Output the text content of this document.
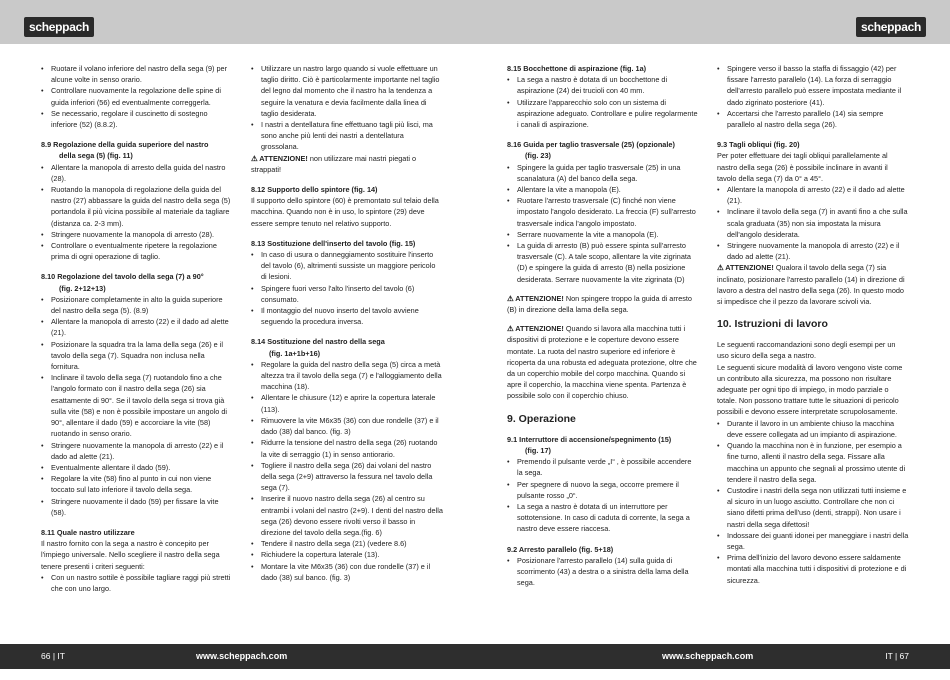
scheppach	scheppach
• Ruotare il volano inferiore del nastro della sega (9) per alcune volte in senso orario.
• Controllare nuovamente la regolazione delle spine di guida inferiori (56) ed eventualmente correggerla.
• Se necessario, regolare il cuscinetto di sostegno inferiore (52) (8.8.2).

8.9 Regolazione della guida superiore del nastro

della sega (5) (fig. 11)

• Allentare la manopola di arresto della guida del nastro (28).
• Ruotando la manopola di regolazione della guida del nastro (27) abbassare la guida del nastro della sega (5) portandola il più vicina possibile al materiale da tagliare (distanza ca. 2-3 mm).
• Stringere nuovamente la manopola di arresto (28).
• Controllare o eventualmente ripetere la regolazione prima di ogni operazione di taglio.

8.10 Regolazione del tavolo della sega (7) a 90°

(fig. 2+12+13)

• Posizionare completamente in alto la guida superiore del nastro della sega (5). (8.9)
• Allentare la manopola di arresto (22) e il dado ad alette (21).
• Posizionare la squadra tra la lama della sega (26) e il tavolo della sega (7). Squadra non inclusa nella fornitura.
• Inclinare il tavolo della sega (7) ruotandolo fino a che l'angolo formato con il nastro della sega (26) sia esattamente di 90°. Se il tavolo della sega si trova già sulla vite (58) e non è possibile impostare un angolo di 90°, allentare il dado (59) e accorciare la vite (58) ruotando in senso orario.
• Stringere nuovamente la manopola di arresto (22) e il dado ad alette (21).
• Eventualmente allentare il dado (59).
• Regolare la vite (58) fino al punto in cui non viene toccato sul lato inferiore il tavolo della sega.
• Stringere nuovamente il dado (59) per fissare la vite (58).

8.11 Quale nastro utilizzare

Il nastro fornito con la sega a nastro è concepito per l'impiego universale. Nello scegliere il nastro della sega tenere presenti i criteri seguenti:

• Con un nastro sottile è possibile tagliare raggi più stretti che con uno largo.
• Utilizzare un nastro largo quando si vuole effettuare un taglio diritto. Ciò è particolarmente importante nel taglio del legno dal momento che il nastro ha la tendenza a seguire la venatura e devia facilmente dalla linea di taglio desiderata.
• I nastri a dentellatura fine effettuano tagli più lisci, ma sono anche più lenti dei nastri a dentellatura grossolana.

⚠ ATTENZIONE! non utilizzare mai nastri piegati o strappati!

8.12 Supporto dello spintore (fig. 14)

Il supporto dello spintore (60) è premontato sul telaio della macchina. Quando non è in uso, lo spintore (29) deve essere sempre tenuto nel relativo supporto.

8.13 Sostituzione dell'inserto del tavolo (fig. 15)

• In caso di usura o danneggiamento sostituire l'inserto del tavolo (6), altrimenti sussiste un maggiore pericolo di lesioni.
• Spingere fuori verso l'alto l'inserto del tavolo (6) consumato.
• Il montaggio del nuovo inserto del tavolo avviene seguendo la procedura inversa.

8.14 Sostituzione del nastro della sega

(fig. 1a+1b+16)

• Regolare la guida del nastro della sega (5) circa a metà altezza tra il tavolo della sega (7) e l'alloggiamento della macchina (18).
• Allentare le chiusure (12) e aprire la copertura laterale (113).
• Rimuovere la vite M6x35 (36) con due rondelle (37) e il dado (38) dal banco. (fig. 3)
• Ridurre la tensione del nastro della sega (26) ruotando la vite di serraggio (1) in senso antiorario.
• Togliere il nastro della sega (26) dai volani del nastro della sega (2+9) attraverso la fessura nel tavolo della sega (7).
• Inserire il nuovo nastro della sega (26) al centro su entrambi i volani del nastro (2+9). I denti del nastro della sega (26) devono essere rivolti verso il basso in direzione del tavolo della sega.(fig. 6)
• Tendere il nastro della sega (21) (vedere 8.6)
• Richiudere la copertura laterale (13).
• Montare la vite M6x35 (36) con due rondelle (37) e il dado (38) sul banco. (fig. 3)

8.15 Bocchettone di aspirazione (fig. 1a)

• La sega a nastro è dotata di un bocchettone di aspirazione (24) dei trucioli con 40 mm.
• Utilizzare l'apparecchio solo con un sistema di aspirazione adeguato. Controllare e pulire regolarmente i canali di aspirazione.

8.16 Guida per taglio trasversale (25) (opzionale)

(fig. 23)

• Spingere la guida per taglio trasversale (25) in una scanalatura (A) del banco della sega.
• Allentare la vite a manopola (E).
• Ruotare l'arresto trasversale (C) finché non viene impostato l'angolo desiderato. La freccia (F) sull'arresto trasversale indica l'angolo impostato.
• Serrare nuovamente la vite a manopola (E).
• La guida di arresto (B) può essere spinta sull'arresto trasversale (C). A tale scopo, allentare la vite zigrinata (D) e spingere la guida di arresto (B) nella posizione desiderata. Serrare nuovamente la vite zigrinata (D)

⚠ ATTENZIONE! Non spingere troppo la guida di arresto (B) in direzione della lama della sega.

⚠ ATTENZIONE! Quando si lavora alla macchina tutti i dispositivi di protezione e le coperture devono essere montate. La ruota del nastro superiore ed inferiore è ricoperta da una robusta ed adeguata protezione, oltre che da un coperchio mobile del corpo macchina. Quando si apre il coperchio, la macchina viene spenta. Partenza è possibile solo con il coperchio chiuso.

9. Operazione

9.1 Interruttore di accensione/spegnimento (15)

(fig. 17)

• Premendo il pulsante verde „I“ , è possibile accendere la sega.
• Per spegnere di nuovo la sega, occorre premere il pulsante rosso „0“.
• La sega a nastro è dotata di un interruttore per sottotensione. In caso di caduta di corrente, la sega a nastro deve essere riaccesa.

9.2 Arresto parallelo (fig. 5+18)

• Posizionare l'arresto parallelo (14) sulla guida di scorrimento (43) a destra o a sinistra della lama della sega.
• Spingere verso il basso la staffa di fissaggio (42) per fissare l'arresto parallelo (14). La forza di serraggio dell'arresto parallelo può essere impostata mediante il dado zigrinato posteriore (41).
• Accertarsi che l'arresto parallelo (14) sia sempre parallelo al nastro della sega (26).

9.3 Tagli obliqui (fig. 20)

Per poter effettuare dei tagli obliqui parallelamente al nastro della sega (26) è possibile inclinare in avanti il tavolo della sega (7) da 0° a 45°.

• Allentare la manopola di arresto (22) e il dado ad alette (21).
• Inclinare il tavolo della sega (7) in avanti fino a che sulla scala graduata (35) non sia impostata la misura dell'angolo desiderata.
• Stringere nuovamente la manopola di arresto (22) e il dado ad alette (21).

⚠ ATTENZIONE! Qualora il tavolo della sega (7) sia inclinato, posizionare l'arresto parallelo (14) in direzione di lavoro a destra del nastro della sega (26). In questo modo si impedisce che il pezzo da lavorare scivoli via.

10. Istruzioni di lavoro

Le seguenti raccomandazioni sono degli esempi per un uso sicuro della sega a nastro.

Le seguenti sicure modalità di lavoro vengono viste come un contributo alla sicurezza, ma possono non risultare adeguate per ogni tipo di impiego, in modo parziale o totale. Non possono trattare tutte le situazioni di pericolo possibili e devono essere interpretate scrupolosamente.

• Durante il lavoro in un ambiente chiuso la macchina deve essere collegata ad un impianto di aspirazione.
• Quando la macchina non è in funzione, per esempio a fine turno, allenti il nastro della sega. Fissare alla macchina un appunto che segnali al prossimo utente di tendere il nastro della sega.
• Custodire i nastri della sega non utilizzati tutti insieme e al sicuro in un luogo asciutto. Controllare che non ci siano difetti prima dell'uso (denti, strappi). Non usare i nastri della sega difettosi!
• Indossare dei guanti idonei per maneggiare i nastri della sega.
• Prima dell'inizio del lavoro devono essere saldamente montati alla macchina tutti i dispositivi di protezione e di sicurezza.
66 | IT	www.scheppach.com	www.scheppach.com	IT | 67
